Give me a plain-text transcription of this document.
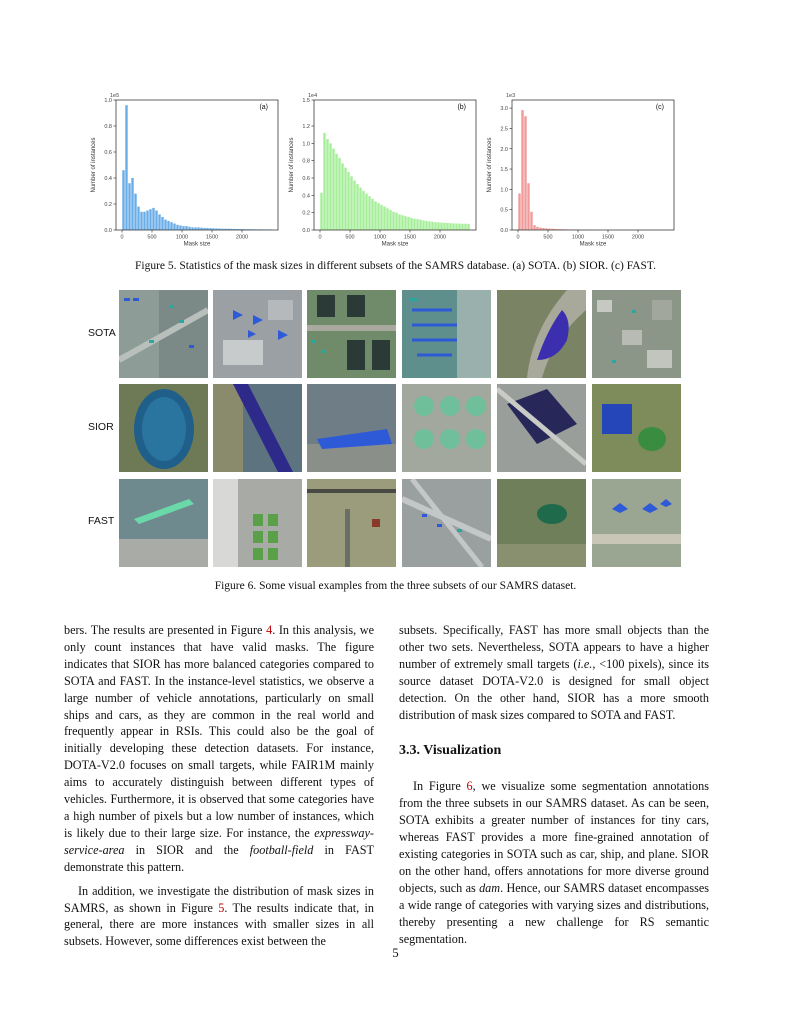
0	500	1000	1500	2000
0.0
0.2
0.4
0.6
0.8
1.0
1e5
Mask size
Number of instances
(a)
0	500	1000	1500	2000
0.0
0.2
0.4
0.6
0.8
1.0
1.2
1.5
1e4
Mask size
Number of instances
(b)
0	500	1000	1500	2000
0.0
0.5
1.0
1.5
2.0
2.5
3.0
1e3
Mask size
Number of instances
(c)
Figure 5. Statistics of the mask sizes in different subsets of the SAMRS database. (a) SOTA. (b) SIOR. (c) FAST.
SOTA
SIOR
FAST
Figure 6. Some visual examples from the three subsets of our SAMRS dataset.

bers. The results are presented in Figure 4. In this analysis, we only count instances that have valid masks. The figure indicates that SIOR has more balanced categories compared to SOTA and FAST. In the instance-level statistics, we observe a large number of vehicle annotations, particularly on small ships and cars, as they are common in the real world and frequently appear in RSIs. This could also be the goal of initially developing these detection datasets. For instance, DOTA-V2.0 focuses on small targets, while FAIR1M mainly aims to accurately distinguish between different types of vehicles. Furthermore, it is observed that some categories have a high number of pixels but a low number of instances, which is likely due to their large size. For instance, the expressway-service-area in SIOR and the football-field in FAST demonstrate this pattern.

In addition, we investigate the distribution of mask sizes in SAMRS, as shown in Figure 5. The results indicate that, in general, there are more instances with smaller sizes in all subsets. However, some differences exist between the

subsets. Specifically, FAST has more small objects than the other two sets. Nevertheless, SOTA appears to have a higher number of extremely small targets (i.e., <100 pixels), since its source dataset DOTA-V2.0 is designed for small object detection. On the other hand, SIOR has a more smooth distribution of mask sizes compared to SOTA and FAST.

3.3. Visualization

In Figure 6, we visualize some segmentation annotations from the three subsets in our SAMRS dataset. As can be seen, SOTA exhibits a greater number of instances for tiny cars, whereas FAST provides a more fine-grained annotation of existing categories in SOTA such as car, ship, and plane. SIOR on the other hand, offers annotations for more diverse ground objects, such as dam. Hence, our SAMRS dataset encompasses a wide range of categories with varying sizes and distributions, thereby presenting a new challenge for RS semantic segmentation.

5
